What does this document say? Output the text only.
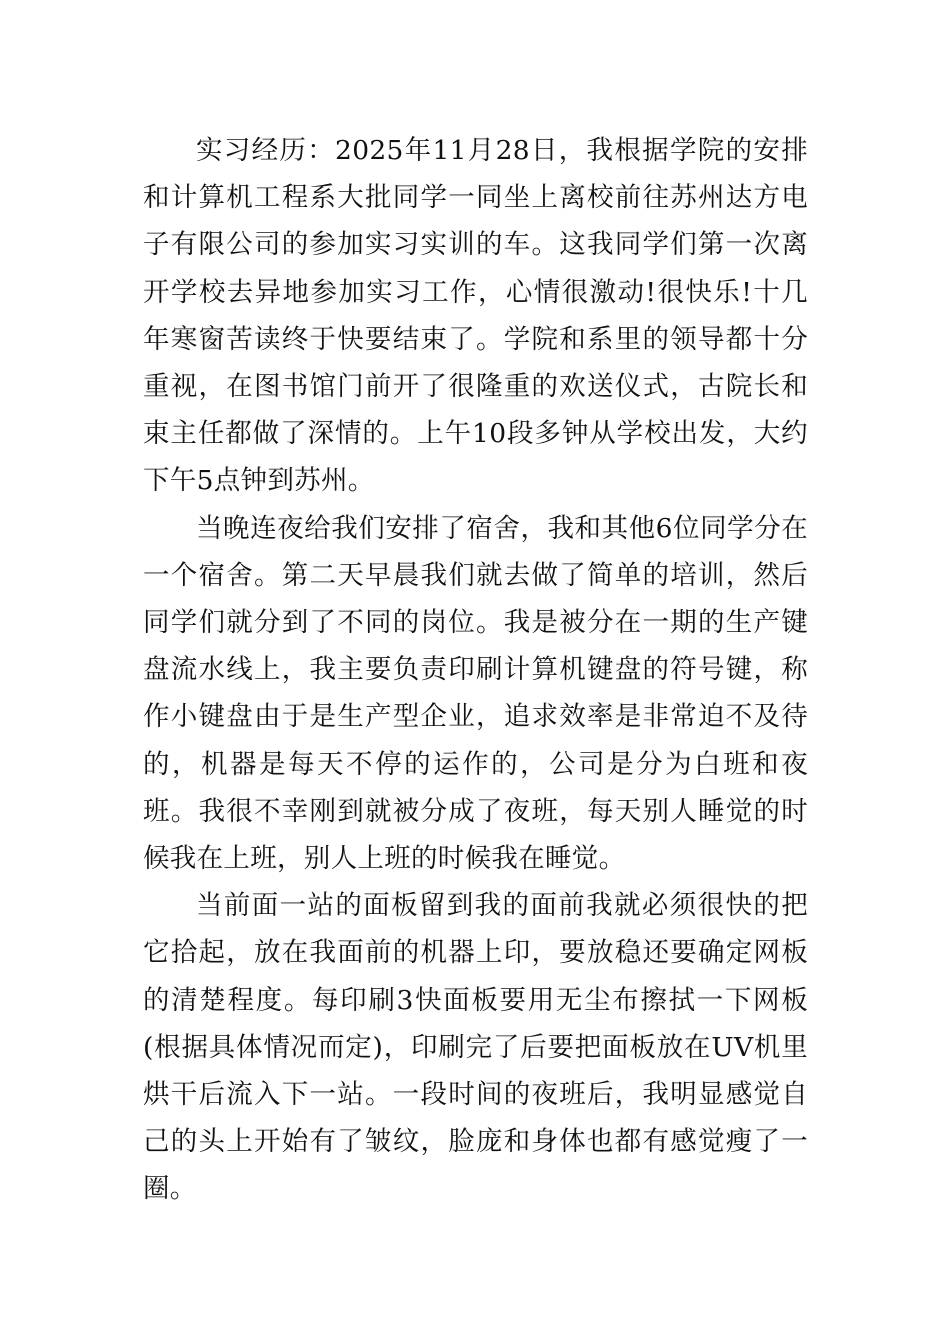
实习经历：2025年11月28日，我根据学院的安排和计算机工程系大批同学一同坐上离校前往苏州达方电子有限公司的参加实习实训的车。这我同学们第一次离开学校去异地参加实习工作，心情很激动!很快乐!十几年寒窗苦读终于快要结束了。学院和系里的领导都十分重视，在图书馆门前开了很隆重的欢送仪式，古院长和束主任都做了深情的。上午10段多钟从学校出发，大约下午5点钟到苏州。

当晚连夜给我们安排了宿舍，我和其他6位同学分在一个宿舍。第二天早晨我们就去做了简单的培训，然后同学们就分到了不同的岗位。我是被分在一期的生产键盘流水线上，我主要负责印刷计算机键盘的符号键，称作小键盘由于是生产型企业，追求效率是非常迫不及待的，机器是每天不停的运作的，公司是分为白班和夜班。我很不幸刚到就被分成了夜班，每天别人睡觉的时候我在上班，别人上班的时候我在睡觉。

当前面一站的面板留到我的面前我就必须很快的把它拾起，放在我面前的机器上印，要放稳还要确定网板的清楚程度。每印刷3快面板要用无尘布擦拭一下网板(根据具体情况而定)，印刷完了后要把面板放在UV机里烘干后流入下一站。一段时间的夜班后，我明显感觉自己的头上开始有了皱纹，脸庞和身体也都有感觉瘦了一圈。
